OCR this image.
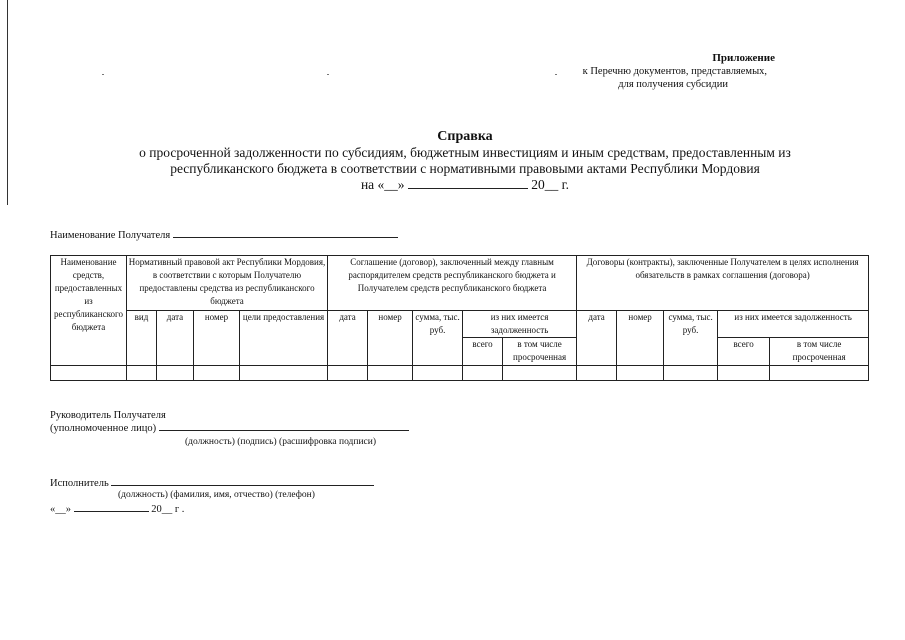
Приложение
к Перечню документов, представляемых,
для получения субсидии
Справка
о просроченной задолженности по субсидиям, бюджетным инвестициям и иным средствам, предоставленным из
республиканского бюджета в соответствии с нормативными правовыми актами Республики Мордовия
на «__»	20__ г.
Наименование Получателя
Наименование средств, предоставленных из республиканского бюджета	Нормативный правовой акт Республики Мордовия, в соответствии с которым Получателю предоставлены средства из республиканского бюджета				Соглашение (договор), заключенный между главным распорядителем средств республиканского бюджета и Получателем средств республиканского бюджета					Договоры (контракты), заключенные Получателем в целях исполнения обязательств в рамках соглашения (договора)				
	вид	дата	номер	цели предоставления	дата	номер	сумма, тыс. руб.	из них имеется задолженность		дата	номер	сумма, тыс. руб.	из них имеется задолженность	
								всего	в том числе просроченная				всего	в том числе просроченная

Руководитель Получателя
(уполномоченное лицо)
(должность) (подпись) (расшифровка подписи)
Исполнитель
(должность) (фамилия, имя, отчество) (телефон)
«__»	20__ г .
